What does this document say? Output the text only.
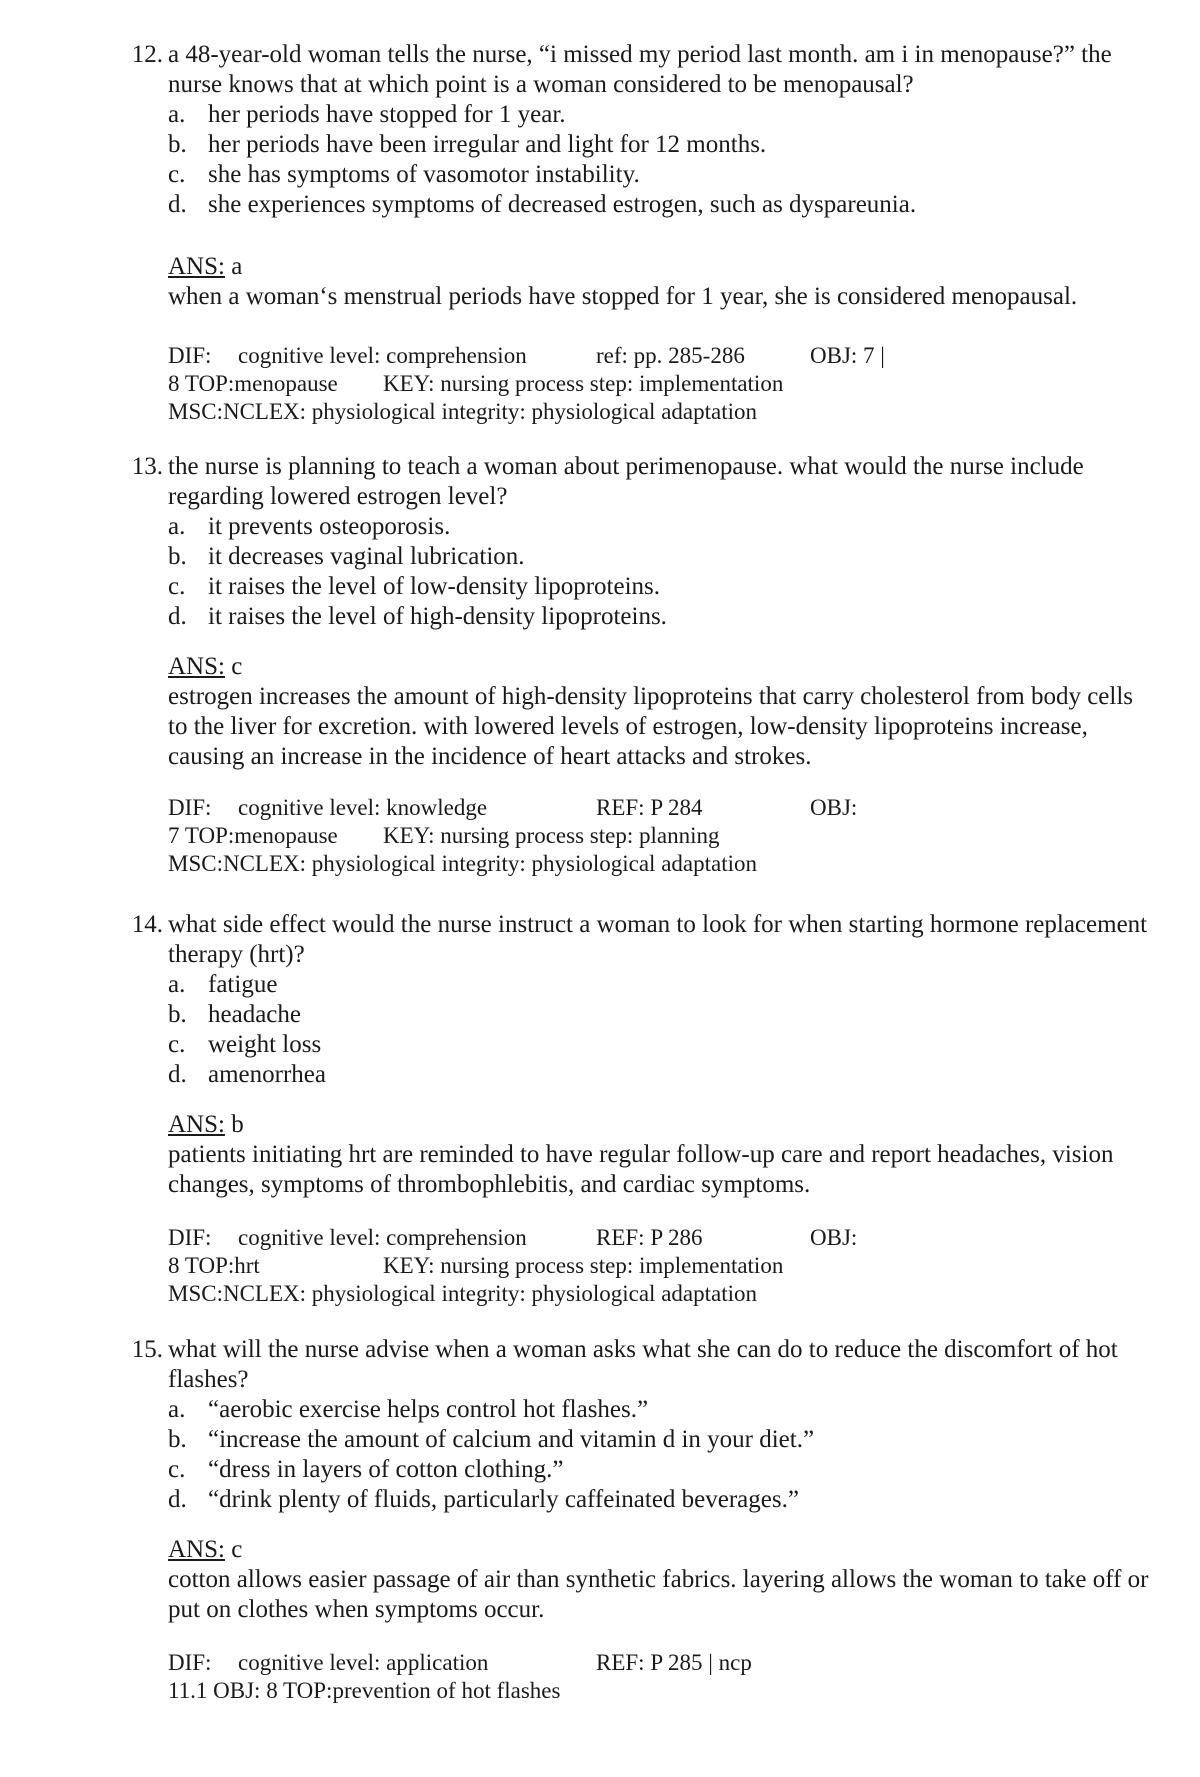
12. a 48-year-old woman tells the nurse, “i missed my period last month. am i in menopause?” the nurse knows that at which point is a woman considered to be menopausal?
a. her periods have stopped for 1 year.
b. her periods have been irregular and light for 12 months.
c. she has symptoms of vasomotor instability.
d. she experiences symptoms of decreased estrogen, such as dyspareunia.
ANS: a
when a woman‘s menstrual periods have stopped for 1 year, she is considered menopausal.
DIF: cognitive level: comprehension	ref: pp. 285-286	OBJ: 7 |
8 TOP:menopause KEY: nursing process step: implementation
MSC:NCLEX: physiological integrity: physiological adaptation
13. the nurse is planning to teach a woman about perimenopause. what would the nurse include regarding lowered estrogen level?
a. it prevents osteoporosis.
b. it decreases vaginal lubrication.
c. it raises the level of low-density lipoproteins.
d. it raises the level of high-density lipoproteins.
ANS: c
estrogen increases the amount of high-density lipoproteins that carry cholesterol from body cells to the liver for excretion. with lowered levels of estrogen, low-density lipoproteins increase, causing an increase in the incidence of heart attacks and strokes.
DIF: cognitive level: knowledge	REF: P 284	OBJ:
7 TOP:menopause KEY: nursing process step: planning
MSC:NCLEX: physiological integrity: physiological adaptation
14. what side effect would the nurse instruct a woman to look for when starting hormone replacement therapy (hrt)?
a. fatigue
b. headache
c. weight loss
d. amenorrhea
ANS: b
patients initiating hrt are reminded to have regular follow-up care and report headaches, vision changes, symptoms of thrombophlebitis, and cardiac symptoms.
DIF: cognitive level: comprehension	REF: P 286	OBJ:
8 TOP:hrt	KEY: nursing process step: implementation
MSC:NCLEX: physiological integrity: physiological adaptation
15. what will the nurse advise when a woman asks what she can do to reduce the discomfort of hot flashes?
a. “aerobic exercise helps control hot flashes.”
b. “increase the amount of calcium and vitamin d in your diet.”
c. “dress in layers of cotton clothing.”
d. “drink plenty of fluids, particularly caffeinated beverages.”
ANS: c
cotton allows easier passage of air than synthetic fabrics. layering allows the woman to take off or put on clothes when symptoms occur.
DIF: cognitive level: application	REF: P 285 | ncp
11.1 OBJ: 8 TOP:prevention of hot flashes
